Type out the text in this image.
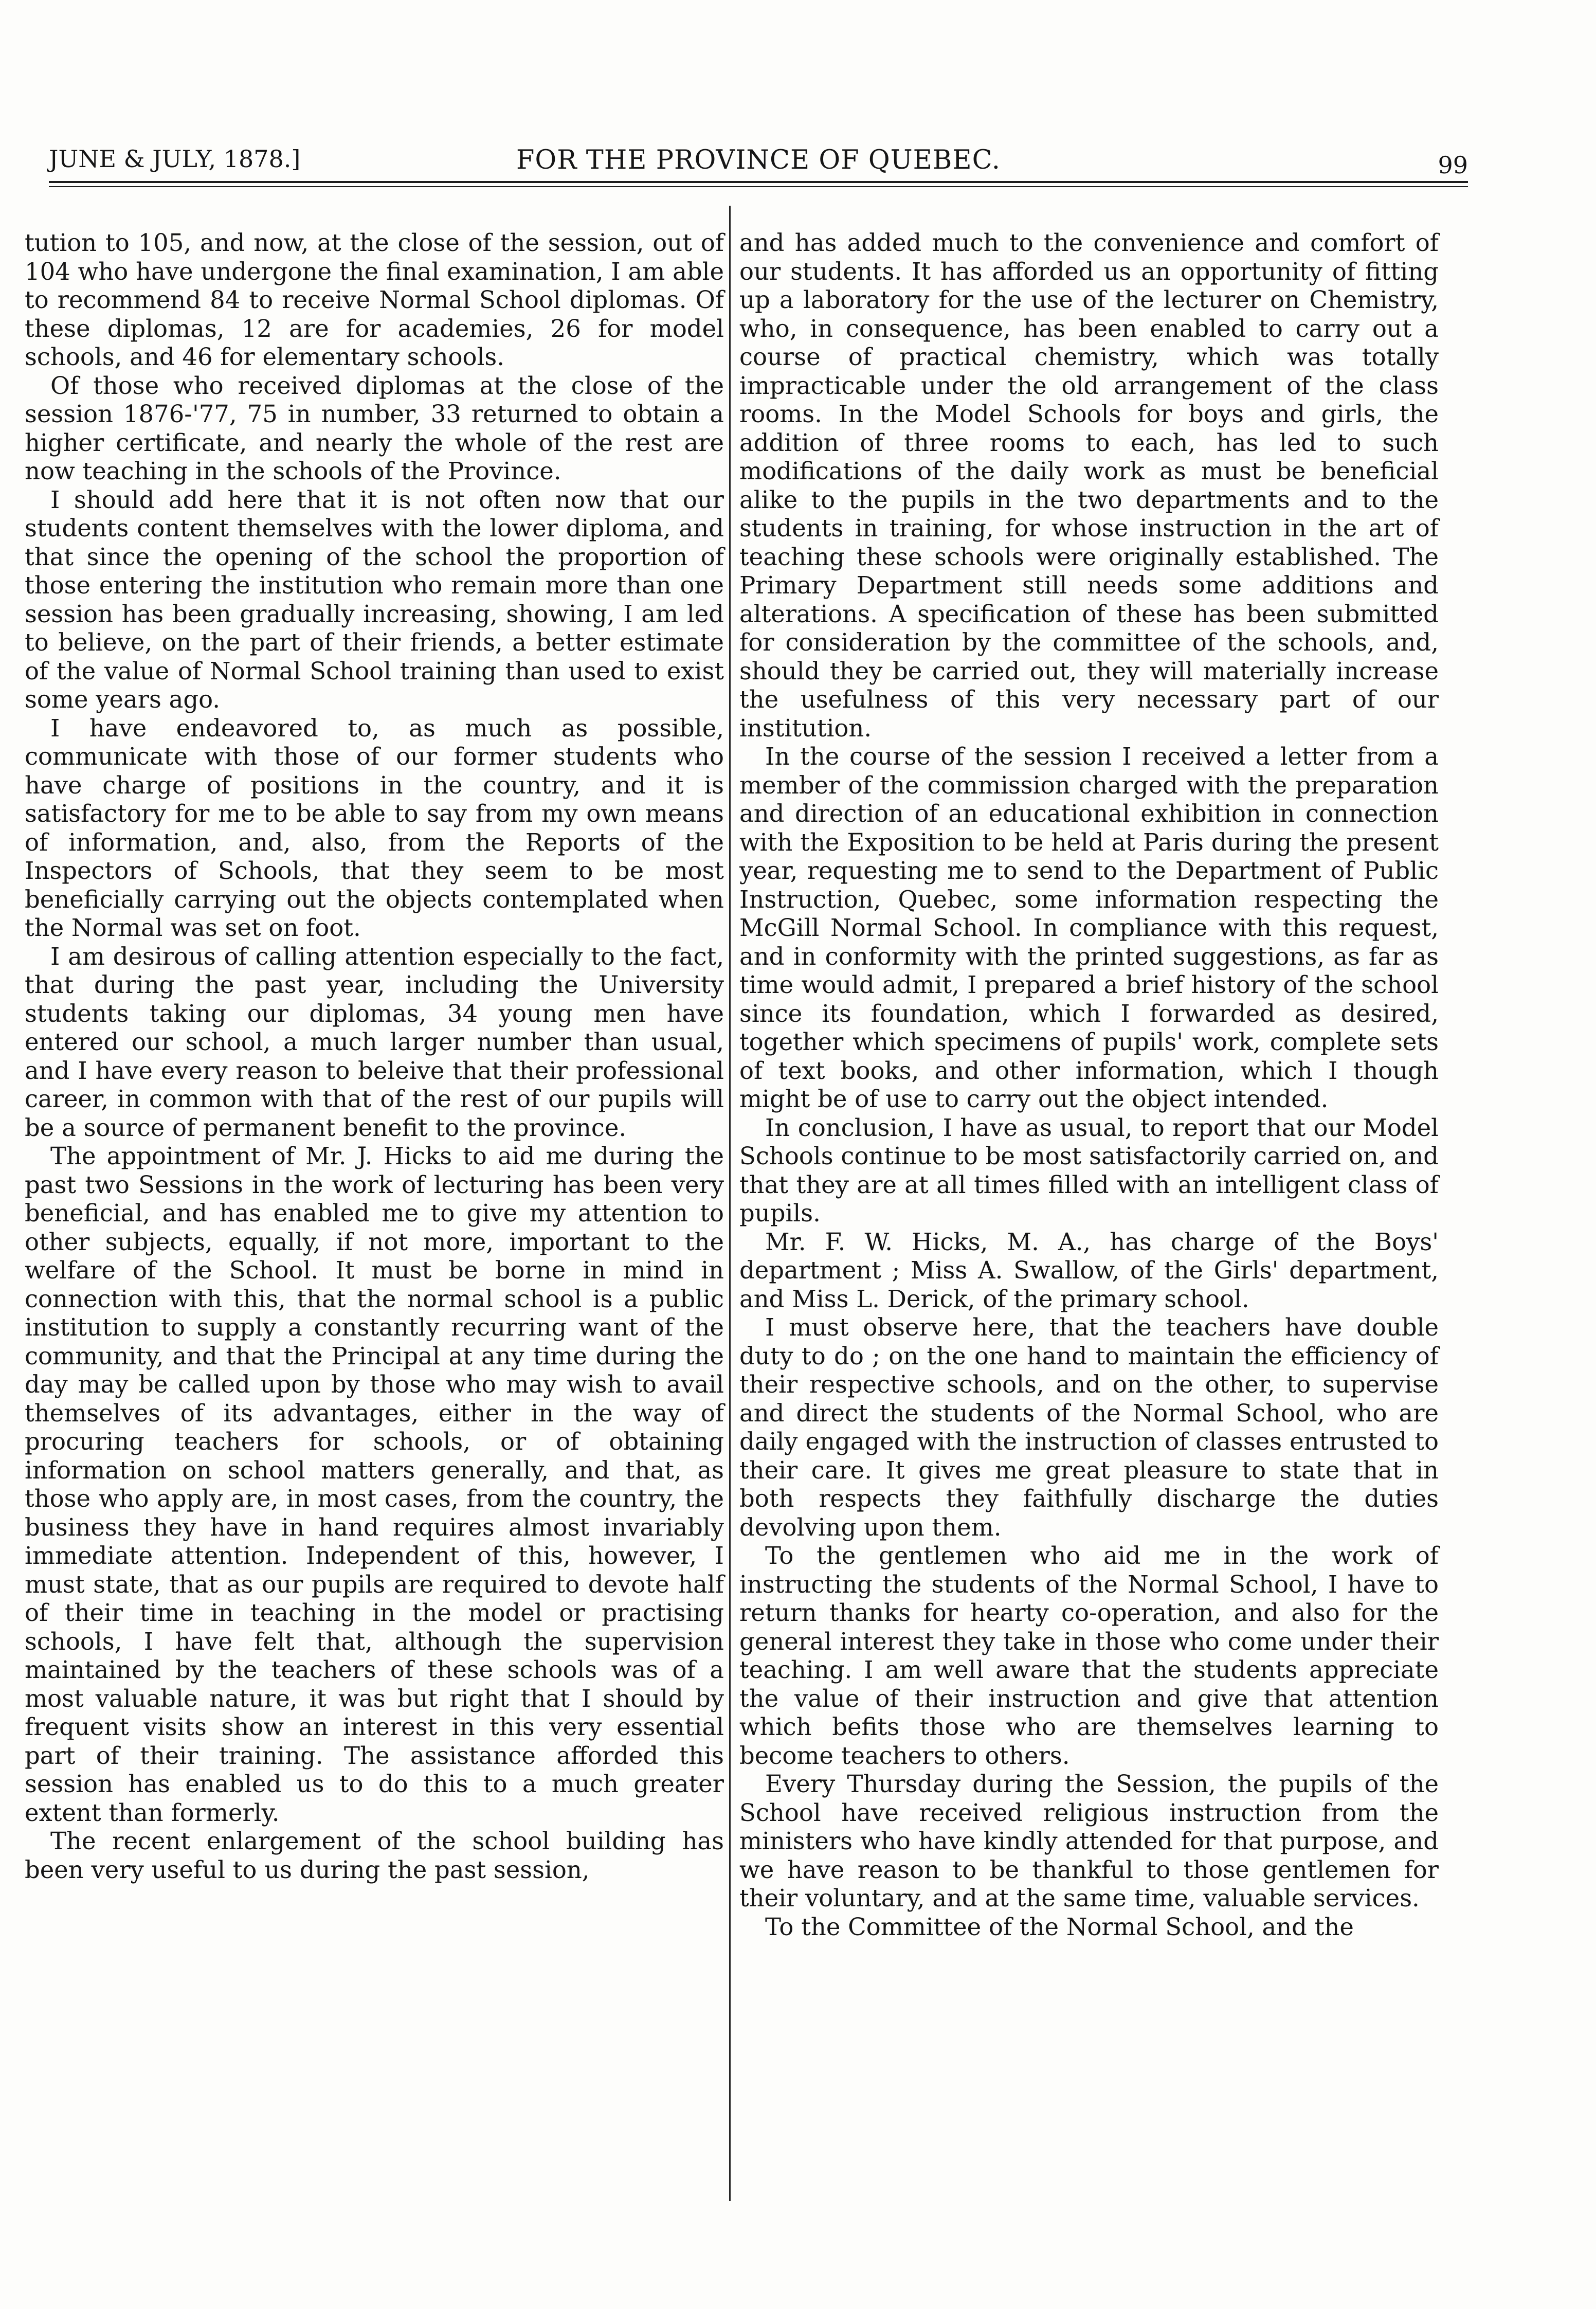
JUNE & JULY, 1878.]	FOR THE PROVINCE OF QUEBEC.	99

tution to 105, and now, at the close of the session, out of 104 who have undergone the final examination, I am able to recommend 84 to receive Normal School diplomas. Of these diplomas, 12 are for academies, 26 for model schools, and 46 for elementary schools.

Of those who received diplomas at the close of the session 1876-'77, 75 in number, 33 returned to obtain a higher certificate, and nearly the whole of the rest are now teaching in the schools of the Province.

I should add here that it is not often now that our students content themselves with the lower diploma, and that since the opening of the school the proportion of those entering the institution who remain more than one session has been gradually increasing, showing, I am led to believe, on the part of their friends, a better estimate of the value of Normal School training than used to exist some years ago.

I have endeavored to, as much as possible, communicate with those of our former students who have charge of positions in the country, and it is satisfactory for me to be able to say from my own means of information, and, also, from the Reports of the Inspectors of Schools, that they seem to be most beneficially carrying out the objects contemplated when the Normal was set on foot.

I am desirous of calling attention especially to the fact, that during the past year, including the University students taking our diplomas, 34 young men have entered our school, a much larger number than usual, and I have every reason to beleive that their professional career, in common with that of the rest of our pupils will be a source of permanent benefit to the province.

The appointment of Mr. J. Hicks to aid me during the past two Sessions in the work of lecturing has been very beneficial, and has enabled me to give my attention to other subjects, equally, if not more, important to the welfare of the School. It must be borne in mind in connection with this, that the normal school is a public institution to supply a constantly recurring want of the community, and that the Principal at any time during the day may be called upon by those who may wish to avail themselves of its advantages, either in the way of procuring teachers for schools, or of obtaining information on school matters generally, and that, as those who apply are, in most cases, from the country, the business they have in hand requires almost invariably immediate attention. Independent of this, however, I must state, that as our pupils are required to devote half of their time in teaching in the model or practising schools, I have felt that, although the supervision maintained by the teachers of these schools was of a most valuable nature, it was but right that I should by frequent visits show an interest in this very essential part of their training. The assistance afforded this session has enabled us to do this to a much greater extent than formerly.

The recent enlargement of the school building has been very useful to us during the past session,

and has added much to the convenience and comfort of our students. It has afforded us an opportunity of fitting up a laboratory for the use of the lecturer on Chemistry, who, in consequence, has been enabled to carry out a course of practical chemistry, which was totally impracticable under the old arrangement of the class rooms. In the Model Schools for boys and girls, the addition of three rooms to each, has led to such modifications of the daily work as must be beneficial alike to the pupils in the two departments and to the students in training, for whose instruction in the art of teaching these schools were originally established. The Primary Department still needs some additions and alterations. A specification of these has been submitted for consideration by the committee of the schools, and, should they be carried out, they will materially increase the usefulness of this very necessary part of our institution.

In the course of the session I received a letter from a member of the commission charged with the preparation and direction of an educational exhibition in connection with the Exposition to be held at Paris during the present year, requesting me to send to the Department of Public Instruction, Quebec, some information respecting the McGill Normal School. In compliance with this request, and in conformity with the printed suggestions, as far as time would admit, I prepared a brief history of the school since its foundation, which I forwarded as desired, together which specimens of pupils' work, complete sets of text books, and other information, which I though might be of use to carry out the object intended.

In conclusion, I have as usual, to report that our Model Schools continue to be most satisfactorily carried on, and that they are at all times filled with an intelligent class of pupils.

Mr. F. W. Hicks, M. A., has charge of the Boys' department ; Miss A. Swallow, of the Girls' department, and Miss L. Derick, of the primary school.

I must observe here, that the teachers have double duty to do ; on the one hand to maintain the efficiency of their respective schools, and on the other, to supervise and direct the students of the Normal School, who are daily engaged with the instruction of classes entrusted to their care. It gives me great pleasure to state that in both respects they faithfully discharge the duties devolving upon them.

To the gentlemen who aid me in the work of instructing the students of the Normal School, I have to return thanks for hearty co-operation, and also for the general interest they take in those who come under their teaching. I am well aware that the students appreciate the value of their instruction and give that attention which befits those who are themselves learning to become teachers to others.

Every Thursday during the Session, the pupils of the School have received religious instruction from the ministers who have kindly attended for that purpose, and we have reason to be thankful to those gentlemen for their voluntary, and at the same time, valuable services.

To the Committee of the Normal School, and the
